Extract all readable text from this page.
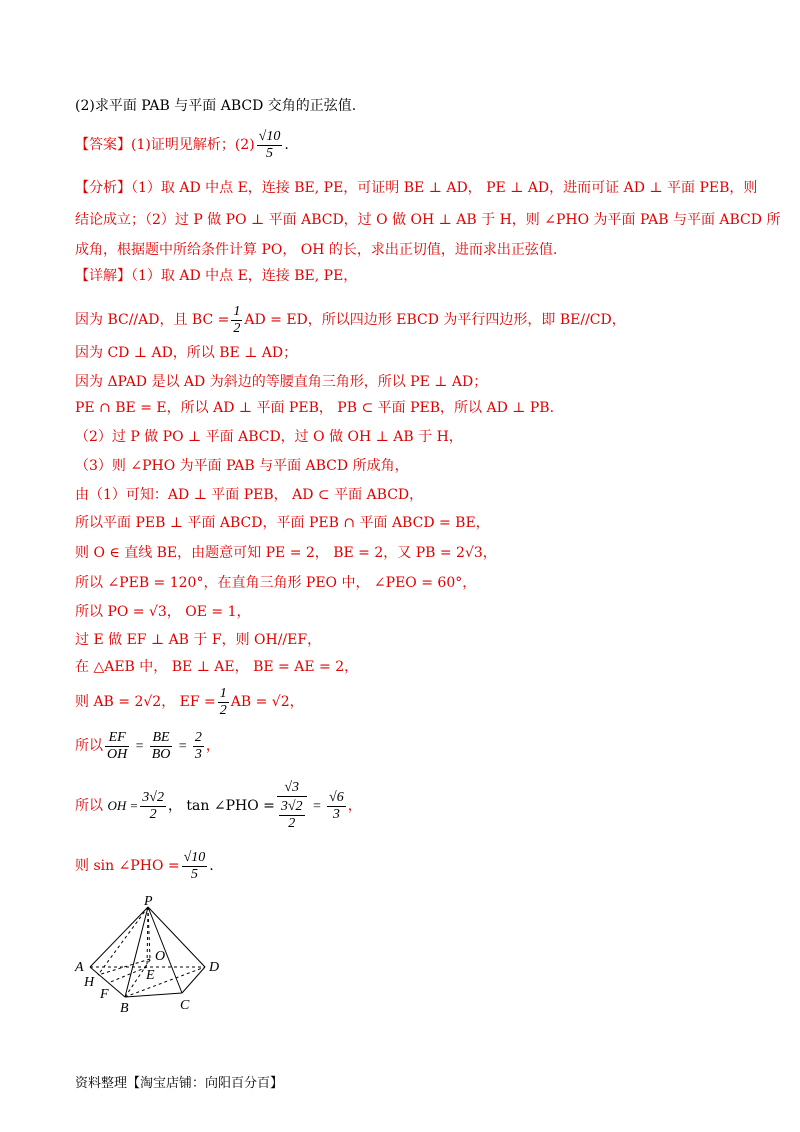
(2)求平面 PAB 与平面 ABCD 交角的正弦值.
【答案】(1)证明见解析；$(2) \frac{√10}{5}$ .
【分析】（1）取 AD 中点 E，连接 BE, PE，可证明 BE ⊥ AD， PE ⊥ AD，进而可证 AD ⊥ 平面 PEB，则
结论成立；（2）过 P 做 PO ⊥ 平面 ABCD，过 O 做 OH ⊥ AB 于 H，则 ∠PHO 为平面 PAB 与平面 ABCD 所
成角，根据题中所给条件计算 PO， OH 的长，求出正切值，进而求出正弦值.
【详解】（1）取 AD 中点 E，连接 BE, PE，
因为 BC//AD，且 BC = $\frac{1}{2}$ AD = ED，所以四边形 EBCD 为平行四边形，即 BE//CD，
因为 CD ⊥ AD，所以 BE ⊥ AD；
因为 ΔPAD 是以 AD 为斜边的等腰直角三角形，所以 PE ⊥ AD；
PE ∩ BE = E，所以 AD ⊥ 平面 PEB， PB ⊂ 平面 PEB，所以 AD ⊥ PB.
（2）过 P 做 PO ⊥ 平面 ABCD，过 O 做 OH ⊥ AB 于 H，
（3）则 ∠PHO 为平面 PAB 与平面 ABCD 所成角，
由（1）可知：AD ⊥ 平面 PEB， AD ⊂ 平面 ABCD，
所以平面 PEB ⊥ 平面 ABCD，平面 PEB ∩ 平面 ABCD = BE，
则 O ∈ 直线 BE，由题意可知 PE = 2， BE = 2，又 PB = 2√3，
所以 ∠PEB = 120°，在直角三角形 PEO 中， ∠PEO = 60°，
所以 PO = √3， OE = 1，
过 E 做 EF ⊥ AB 于 F，则 OH//EF，
在 △AEB 中， BE ⊥ AE， BE = AE = 2，
则 AB = 2√2， EF = $\frac{1}{2}$ AB = √2，
所以 $\frac{EF}{OH} = \frac{BE}{BO} = \frac{2}{3}$ ，
所以 OH = $\frac{3√2}{2}$ ， tan ∠PHO = $\frac{√3}{\frac{3√2}{2}} = \frac{√6}{3}$ ，
则 sin ∠PHO = $\frac{√10}{5}$ .
P
A	D
O
E
H
F
B	C
资料整理【淘宝店铺：向阳百分百】
